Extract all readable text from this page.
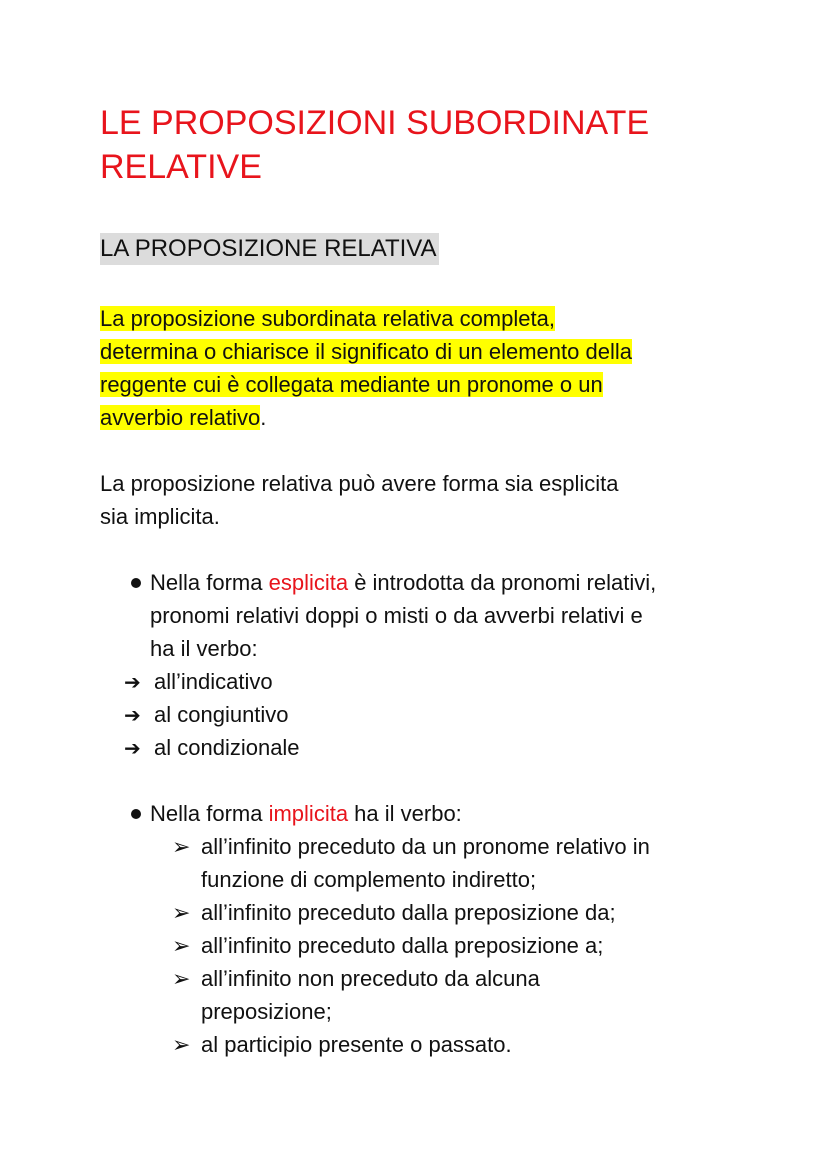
LE PROPOSIZIONI SUBORDINATE
RELATIVE
LA PROPOSIZIONE RELATIVA

La proposizione subordinata relativa completa,
determina o chiarisce il significato di un elemento della
reggente cui è collegata mediante un pronome o un
avverbio relativo.

La proposizione relativa può avere forma sia esplicita
sia implicita.

Nella forma esplicita è introdotta da pronomi relativi,
pronomi relativi doppi o misti o da avverbi relativi e
ha il verbo:
➔ all’indicativo
➔ al congiuntivo
➔ al condizionale
Nella forma implicita ha il verbo:
➢ all’infinito preceduto da un pronome relativo in
funzione di complemento indiretto;
➢ all’infinito preceduto dalla preposizione da;
➢ all’infinito preceduto dalla preposizione a;
➢ all’infinito non preceduto da alcuna
preposizione;
➢ al participio presente o passato.
